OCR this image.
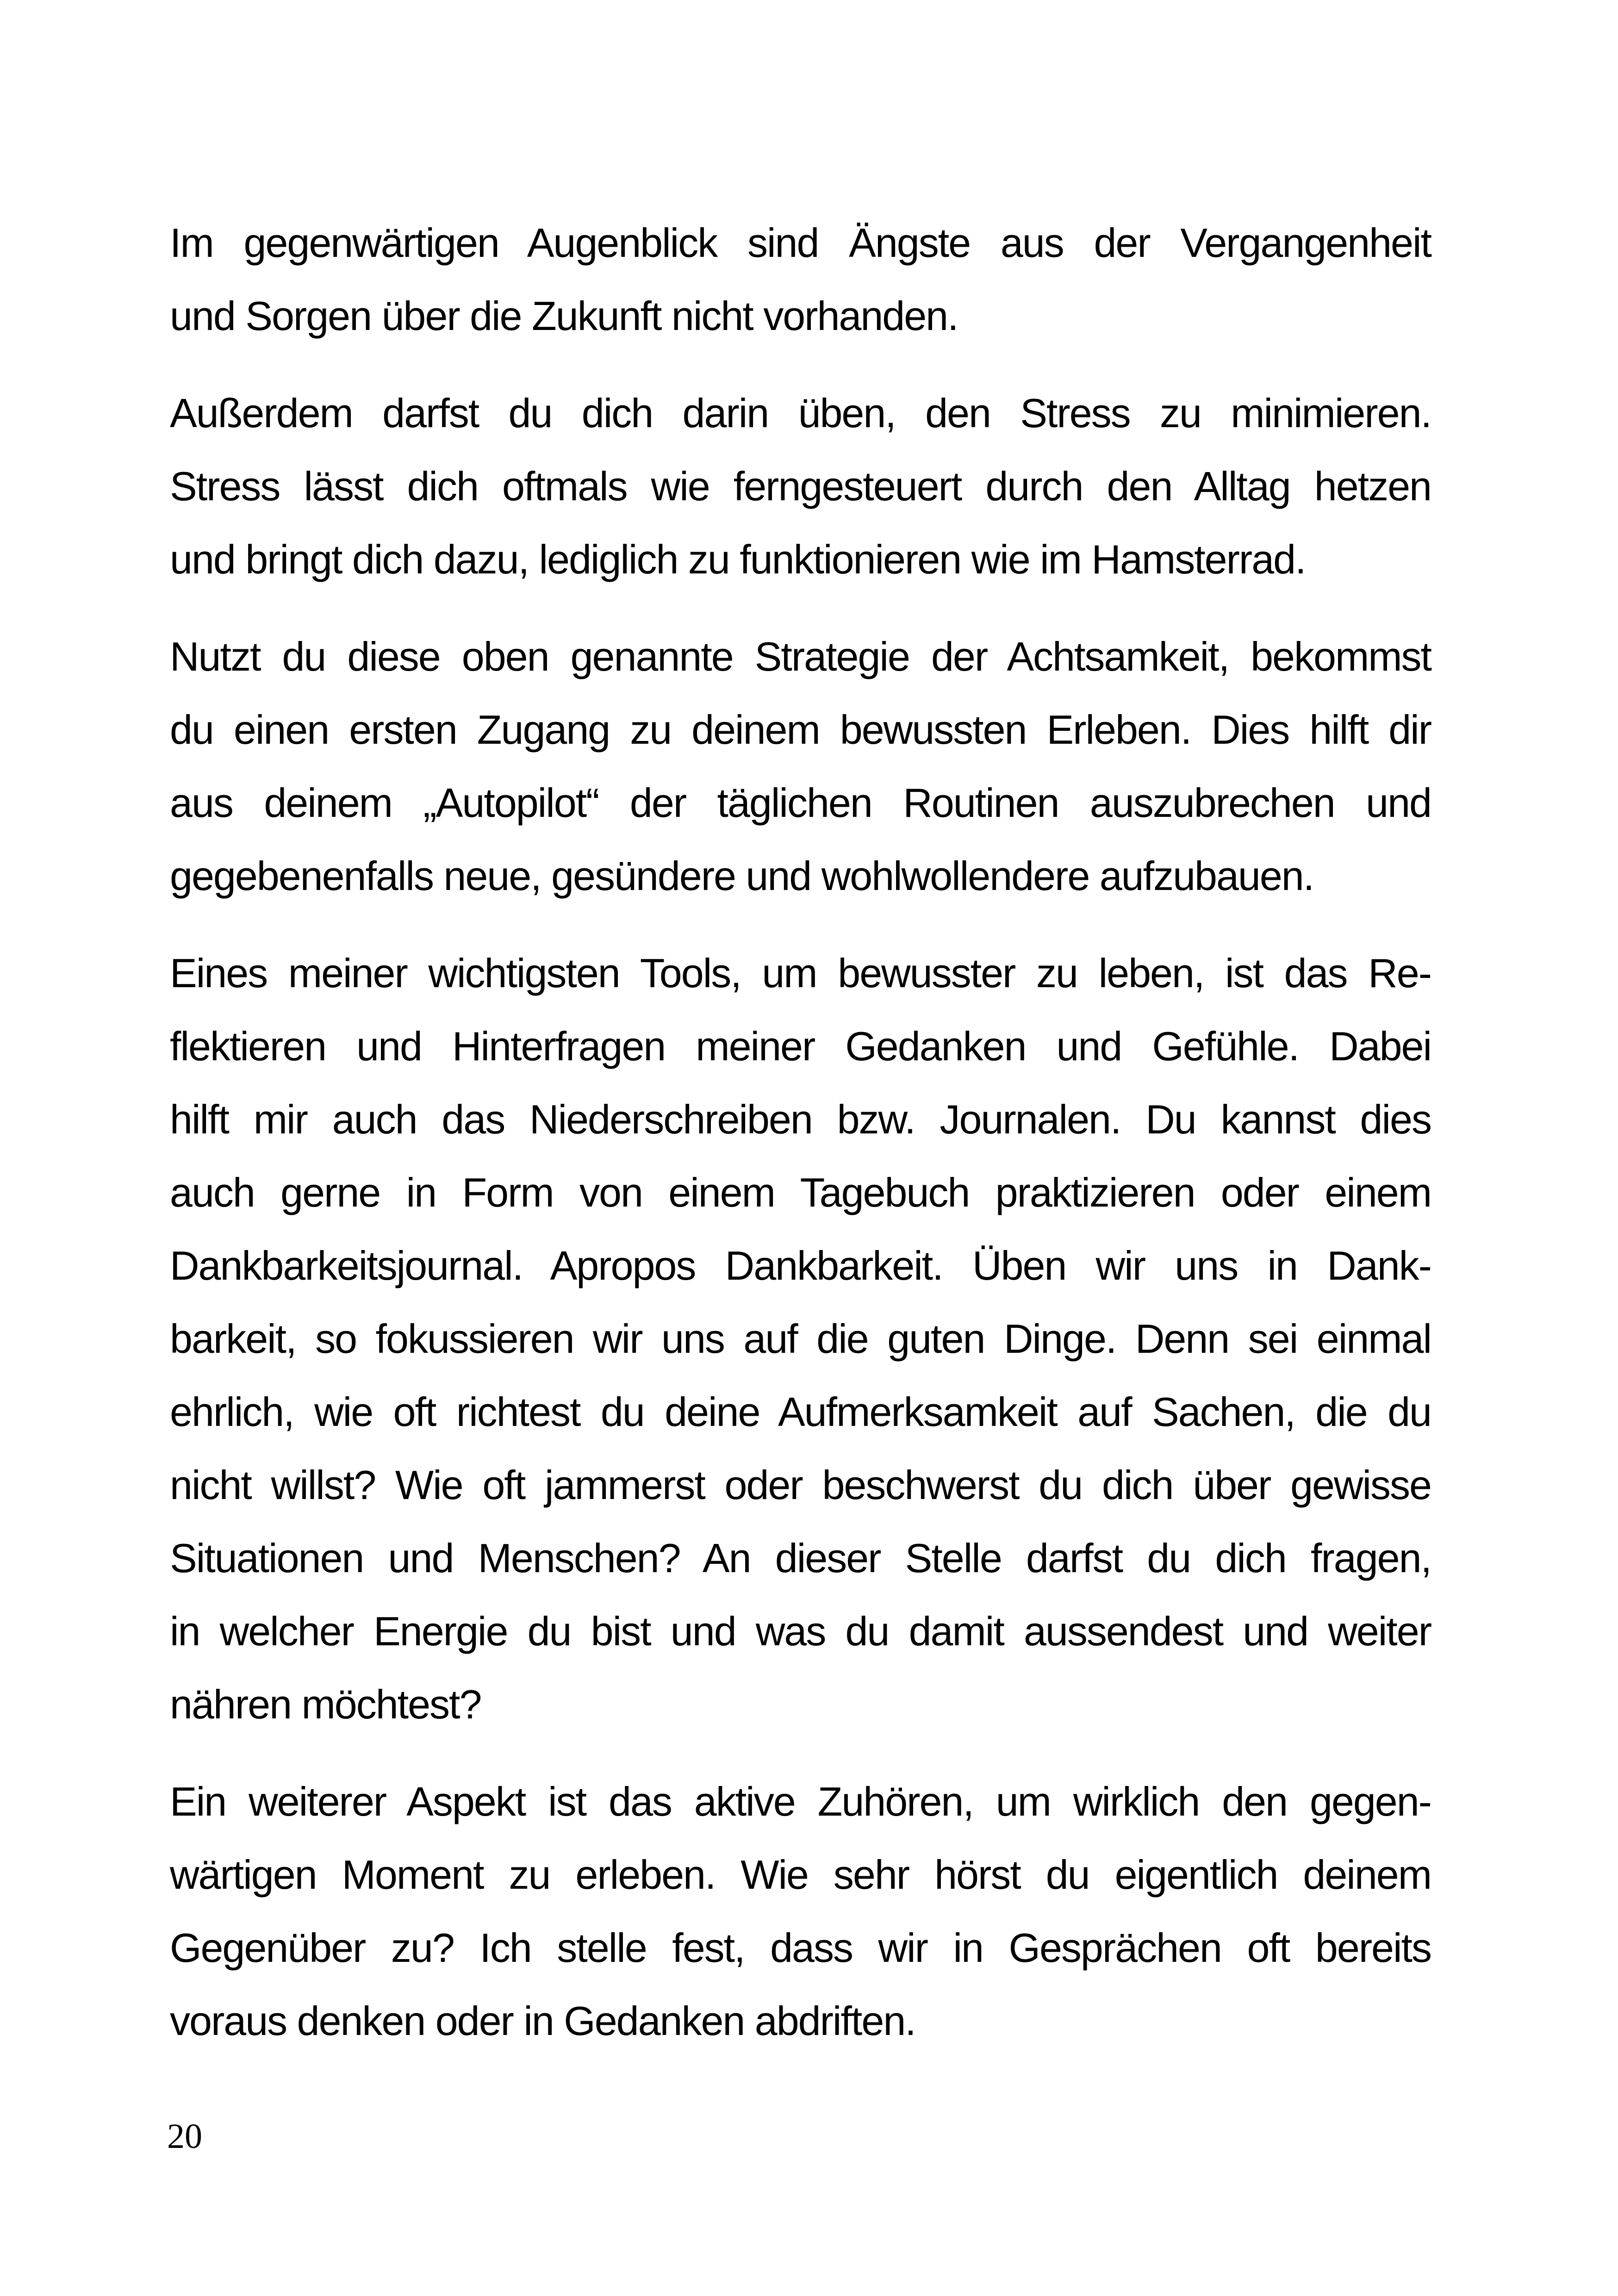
Im gegenwärtigen Augenblick sind Ängste aus der Vergangenheit
und Sorgen über die Zukunft nicht vorhanden.
Außerdem darfst du dich darin üben, den Stress zu minimieren.
Stress lässt dich oftmals wie ferngesteuert durch den Alltag hetzen
und bringt dich dazu, lediglich zu funktionieren wie im Hamsterrad.
Nutzt du diese oben genannte Strategie der Achtsamkeit, bekommst
du einen ersten Zugang zu deinem bewussten Erleben. Dies hilft dir
aus deinem „Autopilot“ der täglichen Routinen auszubrechen und
gegebenenfalls neue, gesündere und wohlwollendere aufzubauen.
Eines meiner wichtigsten Tools, um bewusster zu leben, ist das Re-
flektieren und Hinterfragen meiner Gedanken und Gefühle. Dabei
hilft mir auch das Niederschreiben bzw. Journalen. Du kannst dies
auch gerne in Form von einem Tagebuch praktizieren oder einem
Dankbarkeitsjournal. Apropos Dankbarkeit. Üben wir uns in Dank-
barkeit, so fokussieren wir uns auf die guten Dinge. Denn sei einmal
ehrlich, wie oft richtest du deine Aufmerksamkeit auf Sachen, die du
nicht willst? Wie oft jammerst oder beschwerst du dich über gewisse
Situationen und Menschen? An dieser Stelle darfst du dich fragen,
in welcher Energie du bist und was du damit aussendest und weiter
nähren möchtest?
Ein weiterer Aspekt ist das aktive Zuhören, um wirklich den gegen-
wärtigen Moment zu erleben. Wie sehr hörst du eigentlich deinem
Gegenüber zu? Ich stelle fest, dass wir in Gesprächen oft bereits
voraus denken oder in Gedanken abdriften.
20
